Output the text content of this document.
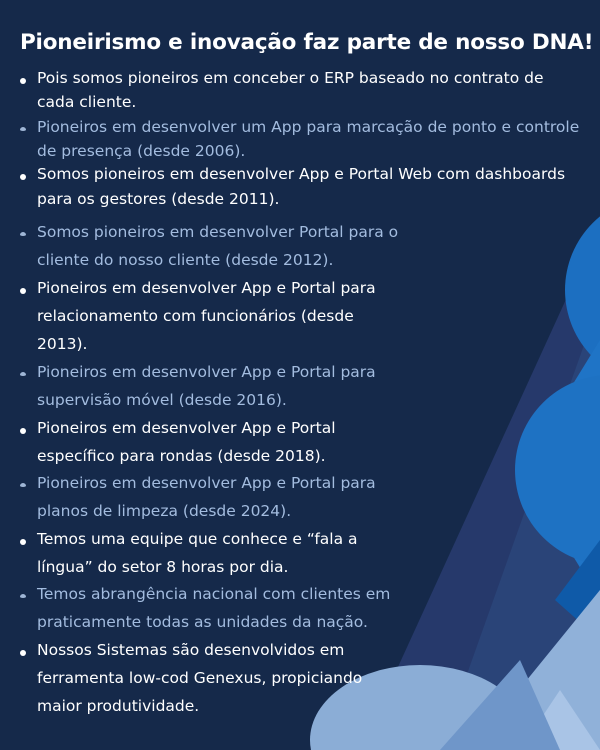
Pioneirismo e inovação faz parte de nosso DNA!
Pois somos pioneiros em conceber o ERP baseado no contrato de
cada cliente.
Pioneiros em desenvolver um App para marcação de ponto e controle
de presença (desde 2006).
Somos pioneiros em desenvolver App e Portal Web com dashboards
para os gestores (desde 2011).
Somos pioneiros em desenvolver Portal para o
cliente do nosso cliente (desde 2012).
Pioneiros em desenvolver App e Portal para
relacionamento com funcionários (desde
2013).
Pioneiros em desenvolver App e Portal para
supervisão móvel (desde 2016).
Pioneiros em desenvolver App e Portal
específico para rondas (desde 2018).
Pioneiros em desenvolver App e Portal para
planos de limpeza (desde 2024).
Temos uma equipe que conhece e “fala a
língua” do setor 8 horas por dia.
Temos abrangência nacional com clientes em
praticamente todas as unidades da nação.
Nossos Sistemas são desenvolvidos em
ferramenta low-cod Genexus, propiciando
maior produtividade.
